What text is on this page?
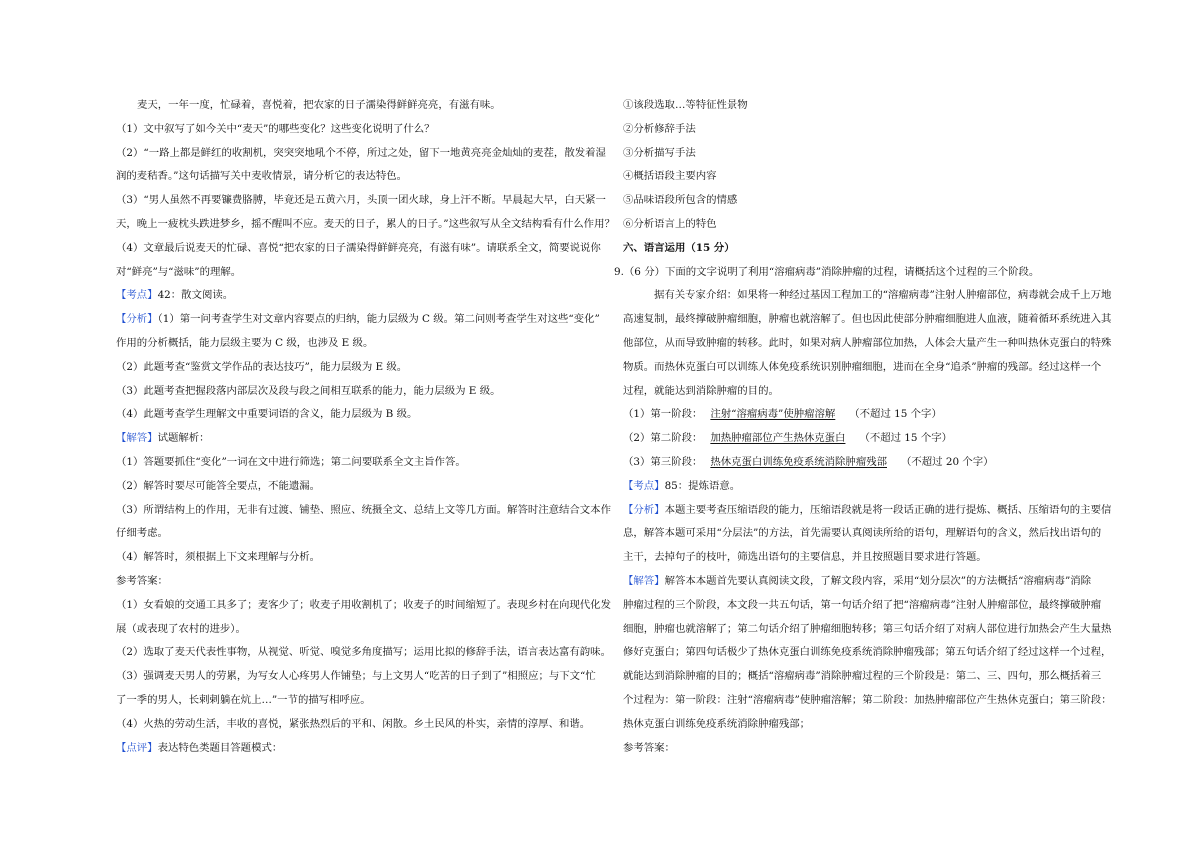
麦天，一年一度，忙碌着，喜悦着，把农家的日子濡染得鲜鲜亮亮，有滋有味。

（1）文中叙写了如今关中“麦天”的哪些变化？这些变化说明了什么？

（2）“一路上都是鲜红的收割机，突突突地吼个不停，所过之处，留下一地黄亮亮金灿灿的麦茬，散发着湿

润的麦秸香。”这句话描写关中麦收情景，请分析它的表达特色。

（3）“男人虽然不再要镰费胳膊，毕竟还是五黄六月，头顶一团火球，身上汗不断。早晨起大早，白天紧一

天，晚上一疲枕头跌进梦乡，摇不醒叫不应。麦天的日子，累人的日子。”这些叙写从全文结构看有什么作用？

（4）文章最后说麦天的忙碌、喜悦“把农家的日子濡染得鲜鲜亮亮，有滋有味”。请联系全文，简要说说你

对“鲜亮”与“滋味”的理解。

【考点】42：散文阅读。

【分析】（1）第一问考查学生对文章内容要点的归纳，能力层级为 C 级。第二问则考查学生对这些“变化”

作用的分析概括，能力层级主要为 C 级，也涉及 E 级。

（2）此题考查“鉴赏文学作品的表达技巧”，能力层级为 E 级。

（3）此题考查把握段落内部层次及段与段之间相互联系的能力，能力层级为 E 级。

（4）此题考查学生理解文中重要词语的含义，能力层级为 B 级。

【解答】试题解析：

（1）答题要抓住“变化”一词在文中进行筛选；第二问要联系全文主旨作答。

（2）解答时要尽可能答全要点，不能遗漏。

（3）所谓结构上的作用，无非有过渡、铺垫、照应、统摄全文、总结上文等几方面。解答时注意结合文本作

仔细考虑。

（4）解答时，须根据上下文来理解与分析。

参考答案：

（1）女看娘的交通工具多了；麦客少了；收麦子用收割机了；收麦子的时间缩短了。表现乡村在向现代化发

展（或表现了农村的进步）。

（2）选取了麦天代表性事物，从视觉、听觉、嗅觉多角度描写；运用比拟的修辞手法，语言表达富有韵味。

（3）强调麦天男人的劳累，为写女人心疼男人作铺垫；与上文男人“吃苦的日子到了”相照应；与下文“忙

了一季的男人，长剌剌躺在炕上…”一节的描写相呼应。

（4）火热的劳动生活，丰收的喜悦，紧张热烈后的平和、闲散。乡土民风的朴实，亲情的淳厚、和谐。

【点评】表达特色类题目答题模式：

①该段选取…等特征性景物

②分析修辞手法

③分析描写手法

④概括语段主要内容

⑤品味语段所包含的情感

⑥分析语言上的特色

六、语言运用（15 分）

9.（6 分）下面的文字说明了利用“溶瘤病毒”消除肿瘤的过程，请概括这个过程的三个阶段。

据有关专家介绍：如果将一种经过基因工程加工的“溶瘤病毒”注射人肿瘤部位，病毒就会成千上万地

高速复制，最终撑破肿瘤细胞，肿瘤也就溶解了。但也因此使部分肿瘤细胞进人血液，随着循环系统进入其

他部位，从而导致肿瘤的转移。此时，如果对病人肿瘤部位加热，人体会大量产生一种叫热休克蛋白的特殊

物质。而热休克蛋白可以训练人体免疫系统识别肿瘤细胞，进而在全身“追杀”肿瘤的残部。经过这样一个

过程，就能达到消除肿瘤的目的。

（1）第一阶段： 注射“溶瘤病毒”使肿瘤溶解 （不超过 15 个字）

（2）第二阶段： 加热肿瘤部位产生热休克蛋白 （不超过 15 个字）

（3）第三阶段： 热休克蛋白训练免疫系统消除肿瘤残部 （不超过 20 个字）

【考点】85：提炼语意。

【分析】本题主要考查压缩语段的能力，压缩语段就是将一段话正确的进行提炼、概括、压缩语句的主要信

息，解答本题可采用“分层法”的方法，首先需要认真阅读所给的语句，理解语句的含义，然后找出语句的

主干，去掉句子的枝叶，筛选出语句的主要信息，并且按照题目要求进行答题。

【解答】解答本本题首先要认真阅读文段，了解文段内容，采用“划分层次”的方法概括“溶瘤病毒”消除

肿瘤过程的三个阶段，本文段一共五句话，第一句话介绍了把“溶瘤病毒”注射人肿瘤部位，最终撑破肿瘤

细胞，肿瘤也就溶解了；第二句话介绍了肿瘤细胞转移；第三句话介绍了对病人部位进行加热会产生大量热

修好克蛋白；第四句话极少了热休克蛋白训练免疫系统消除肿瘤残部；第五句话介绍了经过这样一个过程，

就能达到消除肿瘤的目的；概括“溶瘤病毒”消除肿瘤过程的三个阶段是：第二、三、四句，那么概括着三

个过程为：第一阶段：注射“溶瘤病毒”使肿瘤溶解；第二阶段：加热肿瘤部位产生热休克蛋白；第三阶段：

热休克蛋白训练免疫系统消除肿瘤残部；

参考答案：
